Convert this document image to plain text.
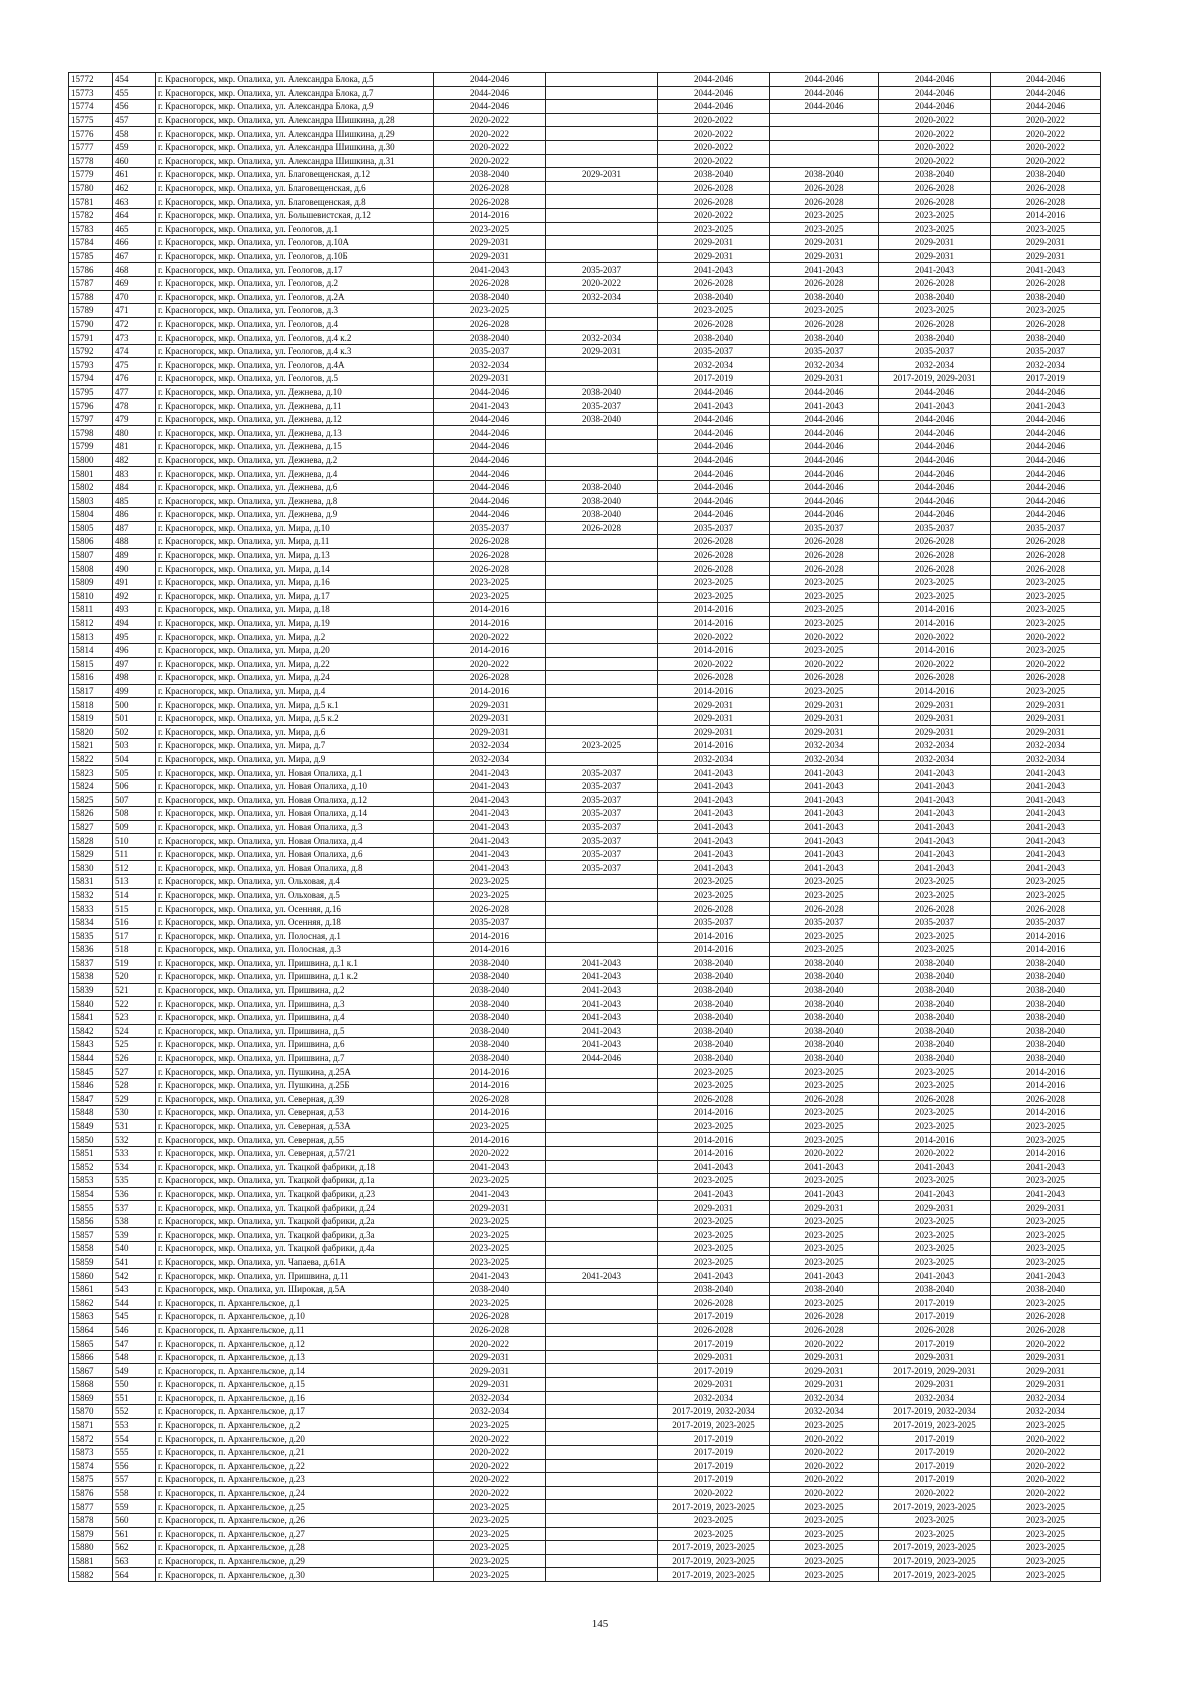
15772	454	г. Красногорск, мкр. Опалиха, ул. Александра Блока, д.5	2044-2046		2044-2046	2044-2046	2044-2046	2044-2046
15773	455	г. Красногорск, мкр. Опалиха, ул. Александра Блока, д.7	2044-2046		2044-2046	2044-2046	2044-2046	2044-2046
15774	456	г. Красногорск, мкр. Опалиха, ул. Александра Блока, д.9	2044-2046		2044-2046	2044-2046	2044-2046	2044-2046
15775	457	г. Красногорск, мкр. Опалиха, ул. Александра Шишкина, д.28	2020-2022		2020-2022		2020-2022	2020-2022
15776	458	г. Красногорск, мкр. Опалиха, ул. Александра Шишкина, д.29	2020-2022		2020-2022		2020-2022	2020-2022
15777	459	г. Красногорск, мкр. Опалиха, ул. Александра Шишкина, д.30	2020-2022		2020-2022		2020-2022	2020-2022
15778	460	г. Красногорск, мкр. Опалиха, ул. Александра Шишкина, д.31	2020-2022		2020-2022		2020-2022	2020-2022
15779	461	г. Красногорск, мкр. Опалиха, ул. Благовещенская, д.12	2038-2040	2029-2031	2038-2040	2038-2040	2038-2040	2038-2040
15780	462	г. Красногорск, мкр. Опалиха, ул. Благовещенская, д.6	2026-2028		2026-2028	2026-2028	2026-2028	2026-2028
15781	463	г. Красногорск, мкр. Опалиха, ул. Благовещенская, д.8	2026-2028		2026-2028	2026-2028	2026-2028	2026-2028
15782	464	г. Красногорск, мкр. Опалиха, ул. Большевистская, д.12	2014-2016		2020-2022	2023-2025	2023-2025	2014-2016
15783	465	г. Красногорск, мкр. Опалиха, ул. Геологов, д.1	2023-2025		2023-2025	2023-2025	2023-2025	2023-2025
15784	466	г. Красногорск, мкр. Опалиха, ул. Геологов, д.10А	2029-2031		2029-2031	2029-2031	2029-2031	2029-2031
15785	467	г. Красногорск, мкр. Опалиха, ул. Геологов, д.10Б	2029-2031		2029-2031	2029-2031	2029-2031	2029-2031
15786	468	г. Красногорск, мкр. Опалиха, ул. Геологов, д.17	2041-2043	2035-2037	2041-2043	2041-2043	2041-2043	2041-2043
15787	469	г. Красногорск, мкр. Опалиха, ул. Геологов, д.2	2026-2028	2020-2022	2026-2028	2026-2028	2026-2028	2026-2028
15788	470	г. Красногорск, мкр. Опалиха, ул. Геологов, д.2А	2038-2040	2032-2034	2038-2040	2038-2040	2038-2040	2038-2040
15789	471	г. Красногорск, мкр. Опалиха, ул. Геологов, д.3	2023-2025		2023-2025	2023-2025	2023-2025	2023-2025
15790	472	г. Красногорск, мкр. Опалиха, ул. Геологов, д.4	2026-2028		2026-2028	2026-2028	2026-2028	2026-2028
15791	473	г. Красногорск, мкр. Опалиха, ул. Геологов, д.4 к.2	2038-2040	2032-2034	2038-2040	2038-2040	2038-2040	2038-2040
15792	474	г. Красногорск, мкр. Опалиха, ул. Геологов, д.4 к.3	2035-2037	2029-2031	2035-2037	2035-2037	2035-2037	2035-2037
15793	475	г. Красногорск, мкр. Опалиха, ул. Геологов, д.4А	2032-2034		2032-2034	2032-2034	2032-2034	2032-2034
15794	476	г. Красногорск, мкр. Опалиха, ул. Геологов, д.5	2029-2031		2017-2019	2029-2031	2017-2019, 2029-2031	2017-2019
15795	477	г. Красногорск, мкр. Опалиха, ул. Дежнева, д.10	2044-2046	2038-2040	2044-2046	2044-2046	2044-2046	2044-2046
15796	478	г. Красногорск, мкр. Опалиха, ул. Дежнева, д.11	2041-2043	2035-2037	2041-2043	2041-2043	2041-2043	2041-2043
15797	479	г. Красногорск, мкр. Опалиха, ул. Дежнева, д.12	2044-2046	2038-2040	2044-2046	2044-2046	2044-2046	2044-2046
15798	480	г. Красногорск, мкр. Опалиха, ул. Дежнева, д.13	2044-2046		2044-2046	2044-2046	2044-2046	2044-2046
15799	481	г. Красногорск, мкр. Опалиха, ул. Дежнева, д.15	2044-2046		2044-2046	2044-2046	2044-2046	2044-2046
15800	482	г. Красногорск, мкр. Опалиха, ул. Дежнева, д.2	2044-2046		2044-2046	2044-2046	2044-2046	2044-2046
15801	483	г. Красногорск, мкр. Опалиха, ул. Дежнева, д.4	2044-2046		2044-2046	2044-2046	2044-2046	2044-2046
15802	484	г. Красногорск, мкр. Опалиха, ул. Дежнева, д.6	2044-2046	2038-2040	2044-2046	2044-2046	2044-2046	2044-2046
15803	485	г. Красногорск, мкр. Опалиха, ул. Дежнева, д.8	2044-2046	2038-2040	2044-2046	2044-2046	2044-2046	2044-2046
15804	486	г. Красногорск, мкр. Опалиха, ул. Дежнева, д.9	2044-2046	2038-2040	2044-2046	2044-2046	2044-2046	2044-2046
15805	487	г. Красногорск, мкр. Опалиха, ул. Мира, д.10	2035-2037	2026-2028	2035-2037	2035-2037	2035-2037	2035-2037
15806	488	г. Красногорск, мкр. Опалиха, ул. Мира, д.11	2026-2028		2026-2028	2026-2028	2026-2028	2026-2028
15807	489	г. Красногорск, мкр. Опалиха, ул. Мира, д.13	2026-2028		2026-2028	2026-2028	2026-2028	2026-2028
15808	490	г. Красногорск, мкр. Опалиха, ул. Мира, д.14	2026-2028		2026-2028	2026-2028	2026-2028	2026-2028
15809	491	г. Красногорск, мкр. Опалиха, ул. Мира, д.16	2023-2025		2023-2025	2023-2025	2023-2025	2023-2025
15810	492	г. Красногорск, мкр. Опалиха, ул. Мира, д.17	2023-2025		2023-2025	2023-2025	2023-2025	2023-2025
15811	493	г. Красногорск, мкр. Опалиха, ул. Мира, д.18	2014-2016		2014-2016	2023-2025	2014-2016	2023-2025
15812	494	г. Красногорск, мкр. Опалиха, ул. Мира, д.19	2014-2016		2014-2016	2023-2025	2014-2016	2023-2025
15813	495	г. Красногорск, мкр. Опалиха, ул. Мира, д.2	2020-2022		2020-2022	2020-2022	2020-2022	2020-2022
15814	496	г. Красногорск, мкр. Опалиха, ул. Мира, д.20	2014-2016		2014-2016	2023-2025	2014-2016	2023-2025
15815	497	г. Красногорск, мкр. Опалиха, ул. Мира, д.22	2020-2022		2020-2022	2020-2022	2020-2022	2020-2022
15816	498	г. Красногорск, мкр. Опалиха, ул. Мира, д.24	2026-2028		2026-2028	2026-2028	2026-2028	2026-2028
15817	499	г. Красногорск, мкр. Опалиха, ул. Мира, д.4	2014-2016		2014-2016	2023-2025	2014-2016	2023-2025
15818	500	г. Красногорск, мкр. Опалиха, ул. Мира, д.5 к.1	2029-2031		2029-2031	2029-2031	2029-2031	2029-2031
15819	501	г. Красногорск, мкр. Опалиха, ул. Мира, д.5 к.2	2029-2031		2029-2031	2029-2031	2029-2031	2029-2031
15820	502	г. Красногорск, мкр. Опалиха, ул. Мира, д.6	2029-2031		2029-2031	2029-2031	2029-2031	2029-2031
15821	503	г. Красногорск, мкр. Опалиха, ул. Мира, д.7	2032-2034	2023-2025	2014-2016	2032-2034	2032-2034	2032-2034
15822	504	г. Красногорск, мкр. Опалиха, ул. Мира, д.9	2032-2034		2032-2034	2032-2034	2032-2034	2032-2034
15823	505	г. Красногорск, мкр. Опалиха, ул. Новая Опалиха, д.1	2041-2043	2035-2037	2041-2043	2041-2043	2041-2043	2041-2043
15824	506	г. Красногорск, мкр. Опалиха, ул. Новая Опалиха, д.10	2041-2043	2035-2037	2041-2043	2041-2043	2041-2043	2041-2043
15825	507	г. Красногорск, мкр. Опалиха, ул. Новая Опалиха, д.12	2041-2043	2035-2037	2041-2043	2041-2043	2041-2043	2041-2043
15826	508	г. Красногорск, мкр. Опалиха, ул. Новая Опалиха, д.14	2041-2043	2035-2037	2041-2043	2041-2043	2041-2043	2041-2043
15827	509	г. Красногорск, мкр. Опалиха, ул. Новая Опалиха, д.3	2041-2043	2035-2037	2041-2043	2041-2043	2041-2043	2041-2043
15828	510	г. Красногорск, мкр. Опалиха, ул. Новая Опалиха, д.4	2041-2043	2035-2037	2041-2043	2041-2043	2041-2043	2041-2043
15829	511	г. Красногорск, мкр. Опалиха, ул. Новая Опалиха, д.6	2041-2043	2035-2037	2041-2043	2041-2043	2041-2043	2041-2043
15830	512	г. Красногорск, мкр. Опалиха, ул. Новая Опалиха, д.8	2041-2043	2035-2037	2041-2043	2041-2043	2041-2043	2041-2043
15831	513	г. Красногорск, мкр. Опалиха, ул. Ольховая, д.4	2023-2025		2023-2025	2023-2025	2023-2025	2023-2025
15832	514	г. Красногорск, мкр. Опалиха, ул. Ольховая, д.5	2023-2025		2023-2025	2023-2025	2023-2025	2023-2025
15833	515	г. Красногорск, мкр. Опалиха, ул. Осенняя, д.16	2026-2028		2026-2028	2026-2028	2026-2028	2026-2028
15834	516	г. Красногорск, мкр. Опалиха, ул. Осенняя, д.18	2035-2037		2035-2037	2035-2037	2035-2037	2035-2037
15835	517	г. Красногорск, мкр. Опалиха, ул. Полосная, д.1	2014-2016		2014-2016	2023-2025	2023-2025	2014-2016
15836	518	г. Красногорск, мкр. Опалиха, ул. Полосная, д.3	2014-2016		2014-2016	2023-2025	2023-2025	2014-2016
15837	519	г. Красногорск, мкр. Опалиха, ул. Пришвина, д.1 к.1	2038-2040	2041-2043	2038-2040	2038-2040	2038-2040	2038-2040
15838	520	г. Красногорск, мкр. Опалиха, ул. Пришвина, д.1 к.2	2038-2040	2041-2043	2038-2040	2038-2040	2038-2040	2038-2040
15839	521	г. Красногорск, мкр. Опалиха, ул. Пришвина, д.2	2038-2040	2041-2043	2038-2040	2038-2040	2038-2040	2038-2040
15840	522	г. Красногорск, мкр. Опалиха, ул. Пришвина, д.3	2038-2040	2041-2043	2038-2040	2038-2040	2038-2040	2038-2040
15841	523	г. Красногорск, мкр. Опалиха, ул. Пришвина, д.4	2038-2040	2041-2043	2038-2040	2038-2040	2038-2040	2038-2040
15842	524	г. Красногорск, мкр. Опалиха, ул. Пришвина, д.5	2038-2040	2041-2043	2038-2040	2038-2040	2038-2040	2038-2040
15843	525	г. Красногорск, мкр. Опалиха, ул. Пришвина, д.6	2038-2040	2041-2043	2038-2040	2038-2040	2038-2040	2038-2040
15844	526	г. Красногорск, мкр. Опалиха, ул. Пришвина, д.7	2038-2040	2044-2046	2038-2040	2038-2040	2038-2040	2038-2040
15845	527	г. Красногорск, мкр. Опалиха, ул. Пушкина, д.25А	2014-2016		2023-2025	2023-2025	2023-2025	2014-2016
15846	528	г. Красногорск, мкр. Опалиха, ул. Пушкина, д.25Б	2014-2016		2023-2025	2023-2025	2023-2025	2014-2016
15847	529	г. Красногорск, мкр. Опалиха, ул. Северная, д.39	2026-2028		2026-2028	2026-2028	2026-2028	2026-2028
15848	530	г. Красногорск, мкр. Опалиха, ул. Северная, д.53	2014-2016		2014-2016	2023-2025	2023-2025	2014-2016
15849	531	г. Красногорск, мкр. Опалиха, ул. Северная, д.53А	2023-2025		2023-2025	2023-2025	2023-2025	2023-2025
15850	532	г. Красногорск, мкр. Опалиха, ул. Северная, д.55	2014-2016		2014-2016	2023-2025	2014-2016	2023-2025
15851	533	г. Красногорск, мкр. Опалиха, ул. Северная, д.57/21	2020-2022		2014-2016	2020-2022	2020-2022	2014-2016
15852	534	г. Красногорск, мкр. Опалиха, ул. Ткацкой фабрики, д.18	2041-2043		2041-2043	2041-2043	2041-2043	2041-2043
15853	535	г. Красногорск, мкр. Опалиха, ул. Ткацкой фабрики, д.1а	2023-2025		2023-2025	2023-2025	2023-2025	2023-2025
15854	536	г. Красногорск, мкр. Опалиха, ул. Ткацкой фабрики, д.23	2041-2043		2041-2043	2041-2043	2041-2043	2041-2043
15855	537	г. Красногорск, мкр. Опалиха, ул. Ткацкой фабрики, д.24	2029-2031		2029-2031	2029-2031	2029-2031	2029-2031
15856	538	г. Красногорск, мкр. Опалиха, ул. Ткацкой фабрики, д.2а	2023-2025		2023-2025	2023-2025	2023-2025	2023-2025
15857	539	г. Красногорск, мкр. Опалиха, ул. Ткацкой фабрики, д.3а	2023-2025		2023-2025	2023-2025	2023-2025	2023-2025
15858	540	г. Красногорск, мкр. Опалиха, ул. Ткацкой фабрики, д.4а	2023-2025		2023-2025	2023-2025	2023-2025	2023-2025
15859	541	г. Красногорск, мкр. Опалиха, ул. Чапаева, д.61А	2023-2025		2023-2025	2023-2025	2023-2025	2023-2025
15860	542	г. Красногорск, мкр. Опалиха, ул. Пришвина, д.11	2041-2043	2041-2043	2041-2043	2041-2043	2041-2043	2041-2043
15861	543	г. Красногорск, мкр. Опалиха, ул. Широкая, д.5А	2038-2040		2038-2040	2038-2040	2038-2040	2038-2040
15862	544	г. Красногорск, п. Архангельское, д.1	2023-2025		2026-2028	2023-2025	2017-2019	2023-2025
15863	545	г. Красногорск, п. Архангельское, д.10	2026-2028		2017-2019	2026-2028	2017-2019	2026-2028
15864	546	г. Красногорск, п. Архангельское, д.11	2026-2028		2026-2028	2026-2028	2026-2028	2026-2028
15865	547	г. Красногорск, п. Архангельское, д.12	2020-2022		2017-2019	2020-2022	2017-2019	2020-2022
15866	548	г. Красногорск, п. Архангельское, д.13	2029-2031		2029-2031	2029-2031	2029-2031	2029-2031
15867	549	г. Красногорск, п. Архангельское, д.14	2029-2031		2017-2019	2029-2031	2017-2019, 2029-2031	2029-2031
15868	550	г. Красногорск, п. Архангельское, д.15	2029-2031		2029-2031	2029-2031	2029-2031	2029-2031
15869	551	г. Красногорск, п. Архангельское, д.16	2032-2034		2032-2034	2032-2034	2032-2034	2032-2034
15870	552	г. Красногорск, п. Архангельское, д.17	2032-2034		2017-2019, 2032-2034	2032-2034	2017-2019, 2032-2034	2032-2034
15871	553	г. Красногорск, п. Архангельское, д.2	2023-2025		2017-2019, 2023-2025	2023-2025	2017-2019, 2023-2025	2023-2025
15872	554	г. Красногорск, п. Архангельское, д.20	2020-2022		2017-2019	2020-2022	2017-2019	2020-2022
15873	555	г. Красногорск, п. Архангельское, д.21	2020-2022		2017-2019	2020-2022	2017-2019	2020-2022
15874	556	г. Красногорск, п. Архангельское, д.22	2020-2022		2017-2019	2020-2022	2017-2019	2020-2022
15875	557	г. Красногорск, п. Архангельское, д.23	2020-2022		2017-2019	2020-2022	2017-2019	2020-2022
15876	558	г. Красногорск, п. Архангельское, д.24	2020-2022		2020-2022	2020-2022	2020-2022	2020-2022
15877	559	г. Красногорск, п. Архангельское, д.25	2023-2025		2017-2019, 2023-2025	2023-2025	2017-2019, 2023-2025	2023-2025
15878	560	г. Красногорск, п. Архангельское, д.26	2023-2025		2023-2025	2023-2025	2023-2025	2023-2025
15879	561	г. Красногорск, п. Архангельское, д.27	2023-2025		2023-2025	2023-2025	2023-2025	2023-2025
15880	562	г. Красногорск, п. Архангельское, д.28	2023-2025		2017-2019, 2023-2025	2023-2025	2017-2019, 2023-2025	2023-2025
15881	563	г. Красногорск, п. Архангельское, д.29	2023-2025		2017-2019, 2023-2025	2023-2025	2017-2019, 2023-2025	2023-2025
15882	564	г. Красногорск, п. Архангельское, д.30	2023-2025		2017-2019, 2023-2025	2023-2025	2017-2019, 2023-2025	2023-2025
145
